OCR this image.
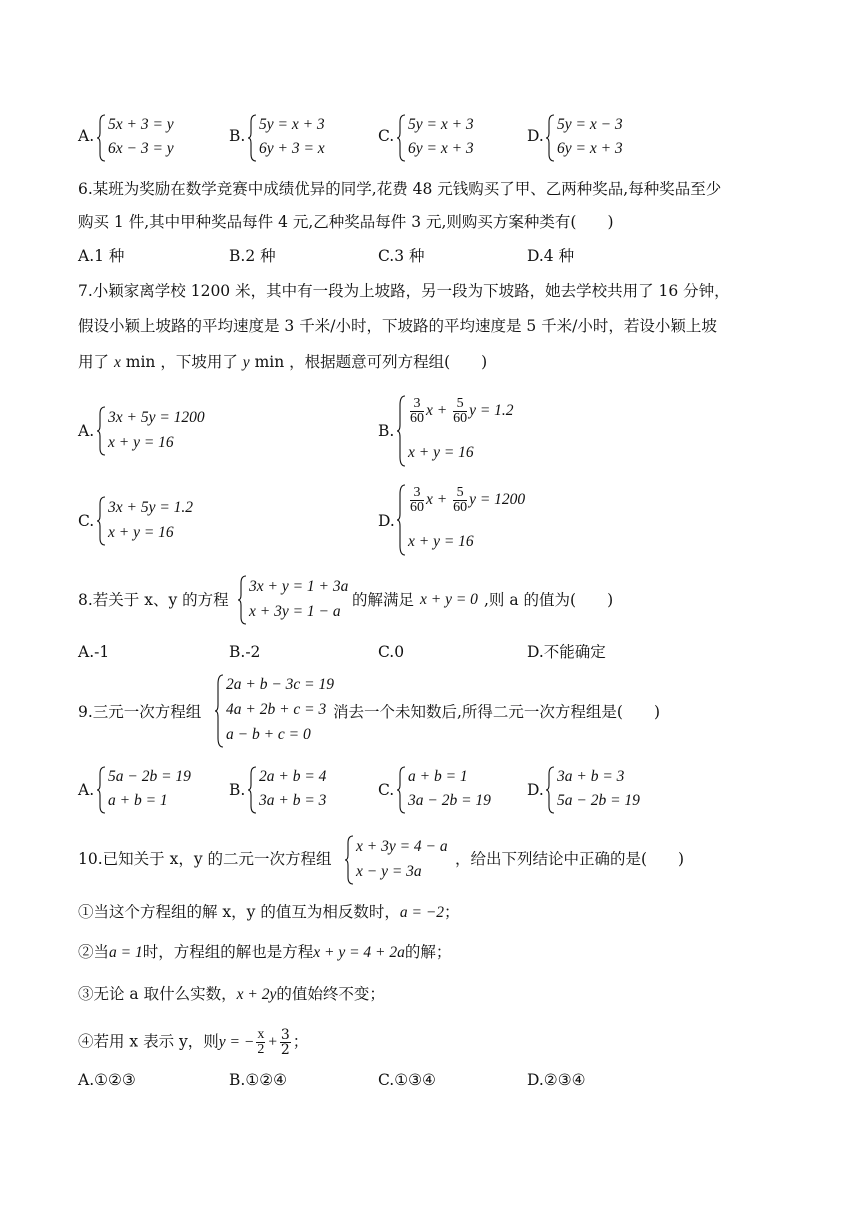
A.
5x + 3 = y
6x − 3 = y
B.
5y = x + 3
6y + 3 = x
C.
5y = x + 3
6y = x + 3
D.
5y = x − 3
6y = x + 3
6.某班为奖励在数学竞赛中成绩优异的同学,花费 48 元钱购买了甲、乙两种奖品,每种奖品至少
购买 1 件,其中甲种奖品每件 4 元,乙种奖品每件 3 元,则购买方案种类有(　　)
A.1 种	B.2 种	C.3 种	D.4 种
7.小颖家离学校 1200 米，其中有一段为上坡路，另一段为下坡路，她去学校共用了 16 分钟，
假设小颖上坡路的平均速度是 3 千米/小时，下坡路的平均速度是 5 千米/小时，若设小颖上坡
用了 x min ，下坡用了 y min ，根据题意可列方程组(　　)
A.
3x + 5y = 1200
x + y = 16
B.
$\frac{3}{60}$ $x + \frac{5}{60}$ y = 1.2
x + y = 16
C.
3x + 5y = 1.2
x + y = 16
D.
$\frac{3}{60}$ $x + \frac{5}{60}$ y = 1200
x + y = 16
8.若关于 x、y 的方程
3x + y = 1 + 3a
x + 3y = 1 − a
的解满足 x + y = 0 ,则 a 的值为(　　)
A.-1	B.-2	C.0	D.不能确定
9.三元一次方程组
2a + b − 3c = 19
4a + 2b + c = 3
a − b + c = 0
消去一个未知数后,所得二元一次方程组是(　　)
A.
5a − 2b = 19
a + b = 1
B.
2a + b = 4
3a + b = 3
C.
a + b = 1
3a − 2b = 19
D.
3a + b = 3
5a − 2b = 19
10.已知关于 x，y 的二元一次方程组
x + 3y = 4 − a
x − y = 3a
，给出下列结论中正确的是(　　)
①当这个方程组的解 x，y 的值互为相反数时，a = −2；
②当a = 1时，方程组的解也是方程x + y = 4 + 2a的解；
③无论 a 取什么实数，x + 2y的值始终不变；
④若用 x 表示 y，则y = − $\frac{x}{2} + \frac{3}{2}$ ；
A.①②③	B.①②④	C.①③④	D.②③④
